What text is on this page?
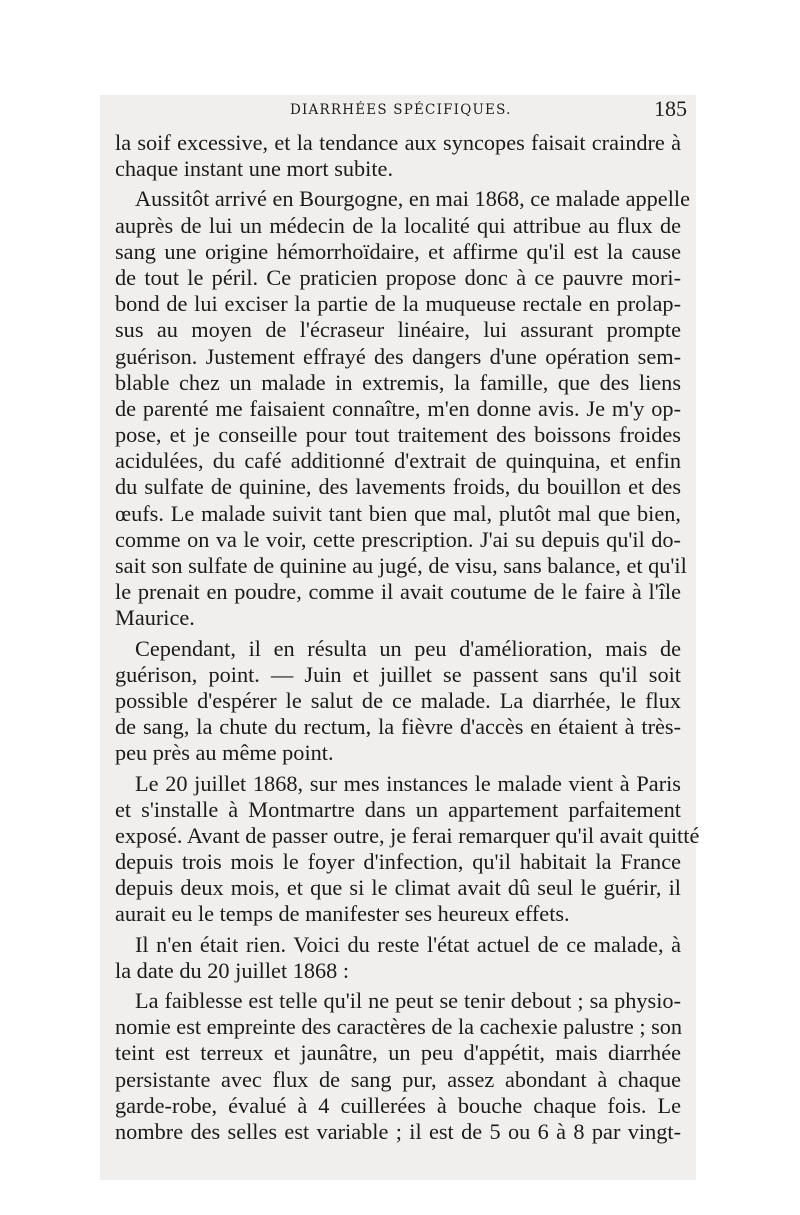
DIARRHÉES SPÉCIFIQUES.	185
la soif excessive, et la tendance aux syncopes faisait craindre à
chaque instant une mort subite.
Aussitôt arrivé en Bourgogne, en mai 1868, ce malade appelle
auprès de lui un médecin de la localité qui attribue au flux de
sang une origine hémorrhoïdaire, et affirme qu'il est la cause
de tout le péril. Ce praticien propose donc à ce pauvre mori-
bond de lui exciser la partie de la muqueuse rectale en prolap-
sus au moyen de l'écraseur linéaire, lui assurant prompte
guérison. Justement effrayé des dangers d'une opération sem-
blable chez un malade in extremis, la famille, que des liens
de parenté me faisaient connaître, m'en donne avis. Je m'y op-
pose, et je conseille pour tout traitement des boissons froides
acidulées, du café additionné d'extrait de quinquina, et enfin
du sulfate de quinine, des lavements froids, du bouillon et des
œufs. Le malade suivit tant bien que mal, plutôt mal que bien,
comme on va le voir, cette prescription. J'ai su depuis qu'il do-
sait son sulfate de quinine au jugé, de visu, sans balance, et qu'il
le prenait en poudre, comme il avait coutume de le faire à l'île
Maurice.
Cependant, il en résulta un peu d'amélioration, mais de
guérison, point. — Juin et juillet se passent sans qu'il soit
possible d'espérer le salut de ce malade. La diarrhée, le flux
de sang, la chute du rectum, la fièvre d'accès en étaient à très-
peu près au même point.
Le 20 juillet 1868, sur mes instances le malade vient à Paris
et s'installe à Montmartre dans un appartement parfaitement
exposé. Avant de passer outre, je ferai remarquer qu'il avait quitté
depuis trois mois le foyer d'infection, qu'il habitait la France
depuis deux mois, et que si le climat avait dû seul le guérir, il
aurait eu le temps de manifester ses heureux effets.
Il n'en était rien. Voici du reste l'état actuel de ce malade, à
la date du 20 juillet 1868 :
La faiblesse est telle qu'il ne peut se tenir debout ; sa physio-
nomie est empreinte des caractères de la cachexie palustre ; son
teint est terreux et jaunâtre, un peu d'appétit, mais diarrhée
persistante avec flux de sang pur, assez abondant à chaque
garde-robe, évalué à 4 cuillerées à bouche chaque fois. Le
nombre des selles est variable ; il est de 5 ou 6 à 8 par vingt-
